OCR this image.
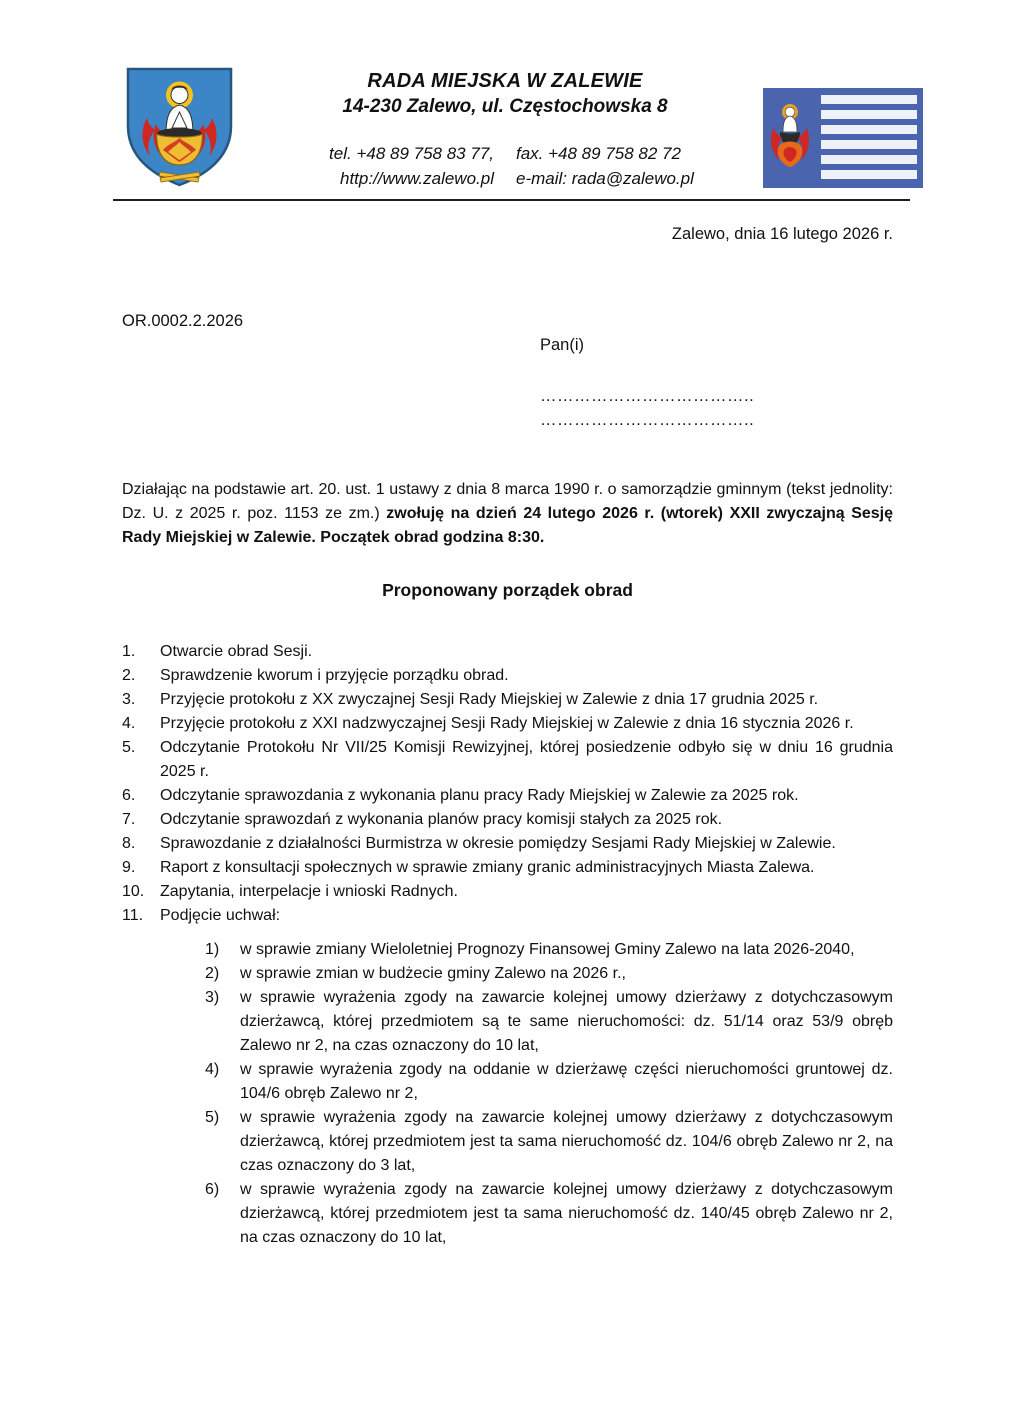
RADA MIEJSKA W ZALEWIE
14-230 Zalewo, ul. Częstochowska 8
tel. +48 89 758 83 77, fax. +48 89 758 82 72
http://www.zalewo.pl e-mail: rada@zalewo.pl
Zalewo, dnia 16 lutego 2026 r.
OR.0002.2.2026
Pan(i)
………………………………..
………………………………..

Działając na podstawie art. 20. ust. 1 ustawy z dnia 8 marca 1990 r. o samorządzie gminnym (tekst jednolity: Dz. U. z 2025 r. poz. 1153 ze zm.) zwołuję na dzień 24 lutego 2026 r. (wtorek) XXII zwyczajną Sesję Rady Miejskiej w Zalewie. Początek obrad godzina 8:30.

Proponowany porządek obrad
Otwarcie obrad Sesji.
Sprawdzenie kworum i przyjęcie porządku obrad.
Przyjęcie protokołu z XX zwyczajnej Sesji Rady Miejskiej w Zalewie z dnia 17 grudnia 2025 r.
Przyjęcie protokołu z XXI nadzwyczajnej Sesji Rady Miejskiej w Zalewie z dnia 16 stycznia 2026 r.
Odczytanie Protokołu Nr VII/25 Komisji Rewizyjnej, której posiedzenie odbyło się w dniu 16 grudnia 2025 r.
Odczytanie sprawozdania z wykonania planu pracy Rady Miejskiej w Zalewie za 2025 rok.
Odczytanie sprawozdań z wykonania planów pracy komisji stałych za 2025 rok.
Sprawozdanie z działalności Burmistrza w okresie pomiędzy Sesjami Rady Miejskiej w Zalewie.
Raport z konsultacji społecznych w sprawie zmiany granic administracyjnych Miasta Zalewa.
Zapytania, interpelacje i wnioski Radnych.
Podjęcie uchwał:
w sprawie zmiany Wieloletniej Prognozy Finansowej Gminy Zalewo na lata 2026-2040,
w sprawie zmian w budżecie gminy Zalewo na 2026 r.,
w sprawie wyrażenia zgody na zawarcie kolejnej umowy dzierżawy z dotychczasowym dzierżawcą, której przedmiotem są te same nieruchomości: dz. 51/14 oraz 53/9 obręb Zalewo nr 2, na czas oznaczony do 10 lat,
w sprawie wyrażenia zgody na oddanie w dzierżawę części nieruchomości gruntowej dz. 104/6 obręb Zalewo nr 2,
w sprawie wyrażenia zgody na zawarcie kolejnej umowy dzierżawy z dotychczasowym dzierżawcą, której przedmiotem jest ta sama nieruchomość dz. 104/6 obręb Zalewo nr 2, na czas oznaczony do 3 lat,
w sprawie wyrażenia zgody na zawarcie kolejnej umowy dzierżawy z dotychczasowym dzierżawcą, której przedmiotem jest ta sama nieruchomość dz. 140/45 obręb Zalewo nr 2, na czas oznaczony do 10 lat,
